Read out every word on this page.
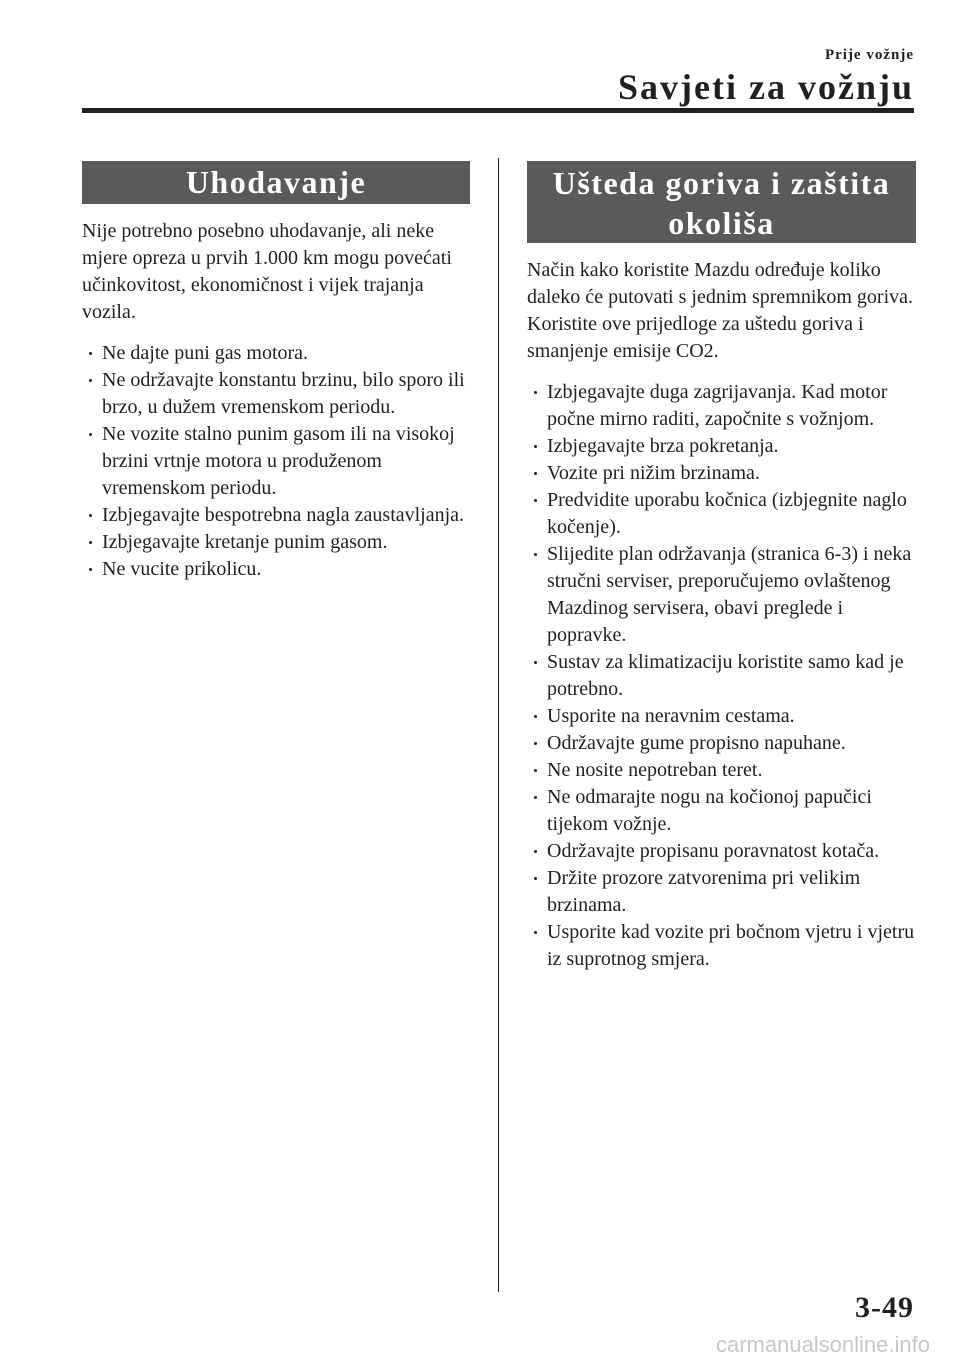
Prije vožnje
Savjeti za vožnju
Uhodavanje

Nije potrebno posebno uhodavanje, ali neke mjere opreza u prvih 1.000 km mogu povećati učinkovitost, ekonomičnost i vijek trajanja vozila.

Ne dajte puni gas motora.
Ne održavajte konstantu brzinu, bilo sporo ili brzo, u dužem vremenskom periodu.
Ne vozite stalno punim gasom ili na visokoj brzini vrtnje motora u produženom vremenskom periodu.
Izbjegavajte bespotrebna nagla zaustavljanja.
Izbjegavajte kretanje punim gasom.
Ne vucite prikolicu.
Ušteda goriva i zaštita
okoliša

Način kako koristite Mazdu određuje koliko daleko će putovati s jednim spremnikom goriva. Koristite ove prijedloge za uštedu goriva i smanjenje emisije CO2.

Izbjegavajte duga zagrijavanja. Kad motor počne mirno raditi, započnite s vožnjom.
Izbjegavajte brza pokretanja.
Vozite pri nižim brzinama.
Predvidite uporabu kočnica (izbjegnite naglo kočenje).
Slijedite plan održavanja (stranica 6-3) i neka stručni serviser, preporučujemo ovlaštenog Mazdinog servisera, obavi preglede i popravke.
Sustav za klimatizaciju koristite samo kad je potrebno.
Usporite na neravnim cestama.
Održavajte gume propisno napuhane.
Ne nosite nepotreban teret.
Ne odmarajte nogu na kočionoj papučici tijekom vožnje.
Održavajte propisanu poravnatost kotača.
Držite prozore zatvorenima pri velikim brzinama.
Usporite kad vozite pri bočnom vjetru i vjetru iz suprotnog smjera.
3-49
carmanualsonline.info
